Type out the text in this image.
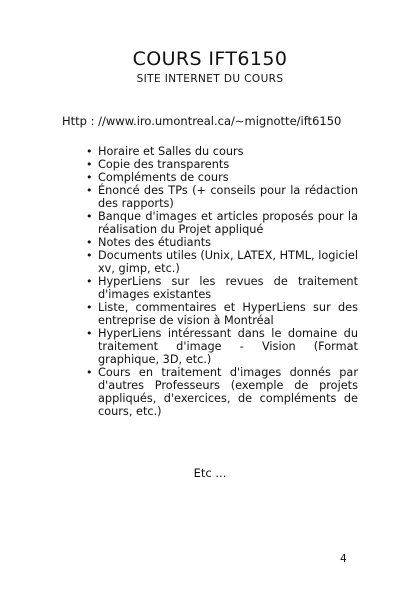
COURS IFT6150
SITE INTERNET DU COURS
Http : //www.iro.umontreal.ca/∼mignotte/ift6150
• Horaire et Salles du cours
• Copie des transparents
• Compléments de cours
• Énoncé des TPs (+ conseils pour la rédaction des rapports)
• Banque d'images et articles proposés pour la réalisation du Projet appliqué
• Notes des étudiants
• Documents utiles (Unix, LATEX, HTML, logiciel xv, gimp, etc.)
• HyperLiens sur les revues de traitement d'images existantes
• Liste, commentaires et HyperLiens sur des entreprise de vision à Montréal
• HyperLiens intéressant dans le domaine du traitement d'image - Vision (Format graphique, 3D, etc.)
• Cours en traitement d'images donnés par d'autres Professeurs (exemple de projets appliqués, d'exercices, de compléments de cours, etc.)
Etc ...
4
